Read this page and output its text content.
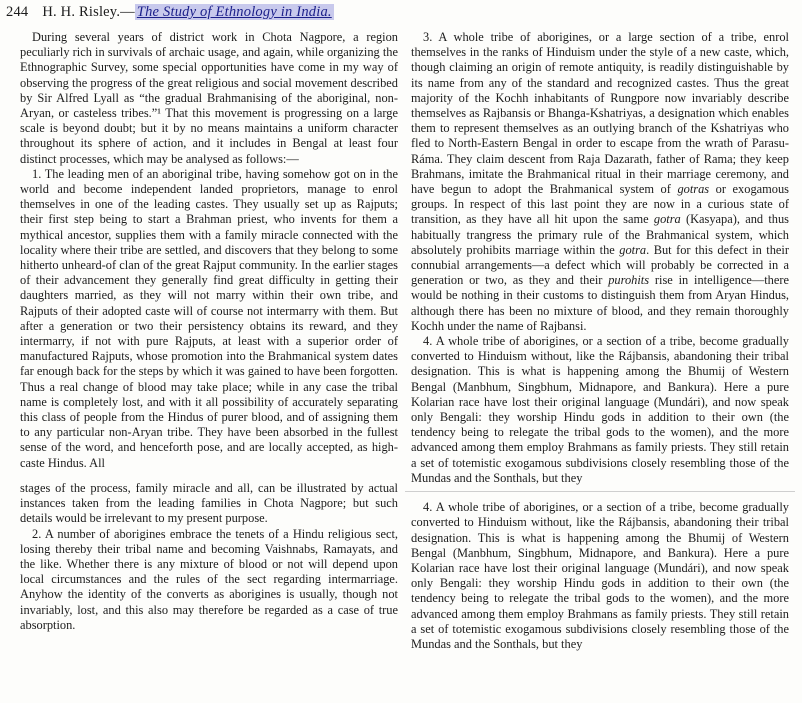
244 H. H. Risley.— The Study of Ethnology in India.

During several years of district work in Chota Nagpore, a region peculiarly rich in survivals of archaic usage, and again, while organizing the Ethnographic Survey, some special opportunities have come in my way of observing the progress of the great religious and social movement described by Sir Alfred Lyall as “the gradual Brahmanising of the aboriginal, non-Aryan, or casteless tribes.”¹ That this movement is progressing on a large scale is beyond doubt; but it by no means maintains a uniform character throughout its sphere of action, and it includes in Bengal at least four distinct processes, which may be analysed as follows:—

1. The leading men of an aboriginal tribe, having somehow got on in the world and become independent landed proprietors, manage to enrol themselves in one of the leading castes. They usually set up as Rajputs; their first step being to start a Brahman priest, who invents for them a mythical ancestor, supplies them with a family miracle connected with the locality where their tribe are settled, and discovers that they belong to some hitherto unheard-of clan of the great Rajput community. In the earlier stages of their advancement they generally find great difficulty in getting their daughters married, as they will not marry within their own tribe, and Rajputs of their adopted caste will of course not intermarry with them. But after a generation or two their persistency obtains its reward, and they intermarry, if not with pure Rajputs, at least with a superior order of manufactured Rajputs, whose promotion into the Brahmanical system dates far enough back for the steps by which it was gained to have been forgotten. Thus a real change of blood may take place; while in any case the tribal name is completely lost, and with it all possibility of accurately separating this class of people from the Hindus of purer blood, and of assigning them to any particular non-Aryan tribe. They have been absorbed in the fullest sense of the word, and henceforth pose, and are locally accepted, as high-caste Hindus. All

stages of the process, family miracle and all, can be illustrated by actual instances taken from the leading families in Chota Nagpore; but such details would be irrelevant to my present purpose.

2. A number of aborigines embrace the tenets of a Hindu religious sect, losing thereby their tribal name and becoming Vaishnabs, Ramayats, and the like. Whether there is any mixture of blood or not will depend upon local circumstances and the rules of the sect regarding intermarriage. Anyhow the identity of the converts as aborigines is usually, though not invariably, lost, and this also may therefore be regarded as a case of true absorption.

3. A whole tribe of aborigines, or a large section of a tribe, enrol themselves in the ranks of Hinduism under the style of a new caste, which, though claiming an origin of remote antiquity, is readily distinguishable by its name from any of the standard and recognized castes. Thus the great majority of the Kochh inhabitants of Rungpore now invariably describe themselves as Rajbansis or Bhanga-Kshatriyas, a designation which enables them to represent themselves as an outlying branch of the Kshatriyas who fled to North-Eastern Bengal in order to escape from the wrath of Parasu-Ráma. They claim descent from Raja Dazarath, father of Rama; they keep Brahmans, imitate the Brahmanical ritual in their marriage ceremony, and have begun to adopt the Brahmanical system of gotras or exogamous groups. In respect of this last point they are now in a curious state of transition, as they have all hit upon the same gotra (Kasyapa), and thus habitually trangress the primary rule of the Brahmanical system, which absolutely prohibits marriage within the gotra. But for this defect in their connubial arrangements—a defect which will probably be corrected in a generation or two, as they and their purohits rise in intelligence—there would be nothing in their customs to distinguish them from Aryan Hindus, although there has been no mixture of blood, and they remain thoroughly Kochh under the name of Rajbansi.

4. A whole tribe of aborigines, or a section of a tribe, become gradually converted to Hinduism without, like the Rájbansis, abandoning their tribal designation. This is what is happening among the Bhumij of Western Bengal (Manbhum, Singbhum, Midnapore, and Bankura). Here a pure Kolarian race have lost their original language (Mundári), and now speak only Bengali: they worship Hindu gods in addition to their own (the tendency being to relegate the tribal gods to the women), and the more advanced among them employ Brahmans as family priests. They still retain a set of totemistic exogamous subdivisions closely resembling those of the Mundas and the Sonthals, but they

4. A whole tribe of aborigines, or a section of a tribe, become gradually converted to Hinduism without, like the Rájbansis, abandoning their tribal designation. This is what is happening among the Bhumij of Western Bengal (Manbhum, Singbhum, Midnapore, and Bankura). Here a pure Kolarian race have lost their original language (Mundári), and now speak only Bengali: they worship Hindu gods in addition to their own (the tendency being to relegate the tribal gods to the women), and the more advanced among them employ Brahmans as family priests. They still retain a set of totemistic exogamous subdivisions closely resembling those of the Mundas and the Sonthals, but they
